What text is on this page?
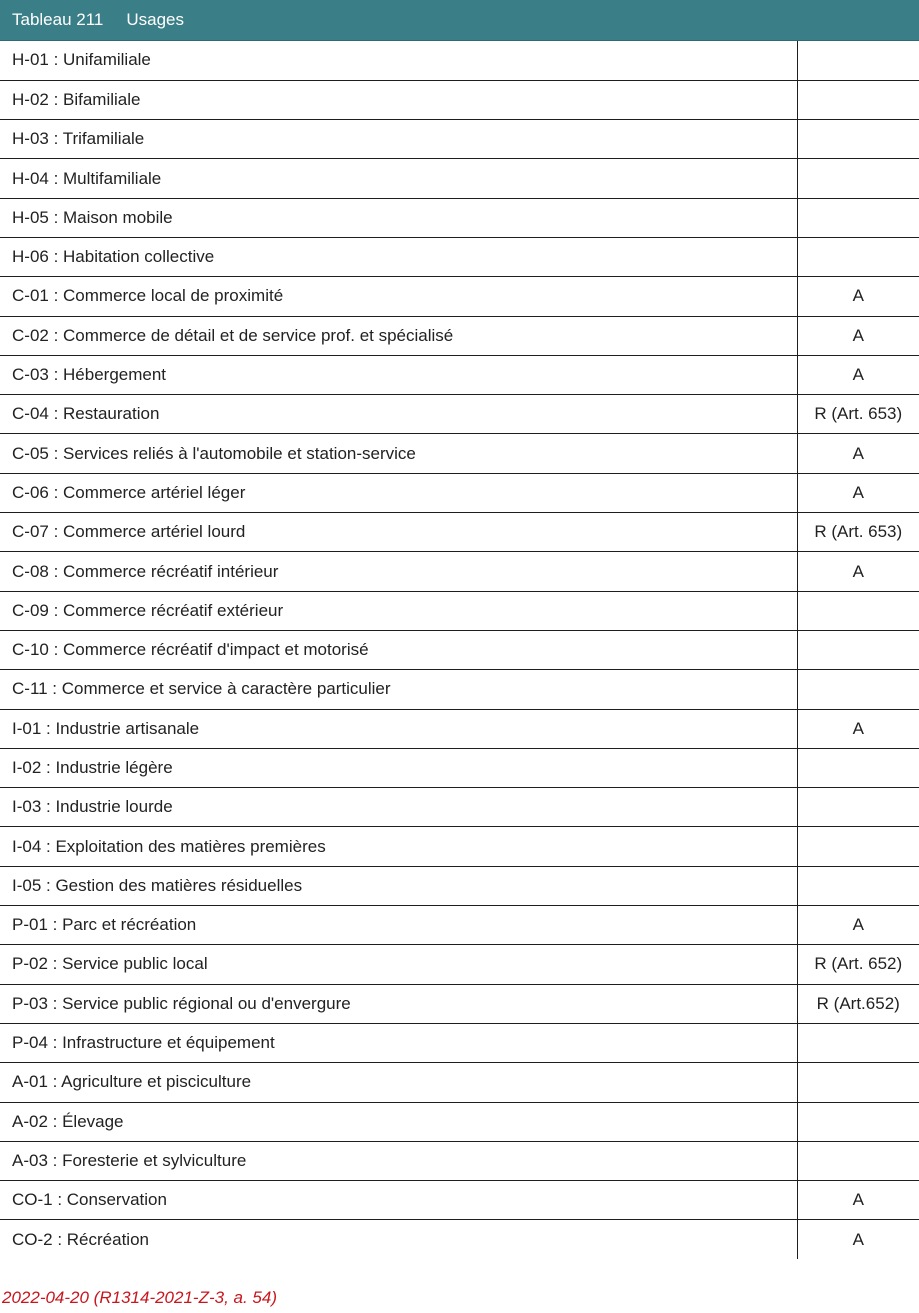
Tableau 211 Usages
H-01 : Unifamiliale	
H-02 : Bifamiliale	
H-03 : Trifamiliale	
H-04 : Multifamiliale	
H-05 : Maison mobile	
H-06 : Habitation collective	
C-01 : Commerce local de proximité	A
C-02 : Commerce de détail et de service prof. et spécialisé	A
C-03 : Hébergement	A
C-04 : Restauration	R (Art. 653)
C-05 : Services reliés à l'automobile et station-service	A
C-06 : Commerce artériel léger	A
C-07 : Commerce artériel lourd	R (Art. 653)
C-08 : Commerce récréatif intérieur	A
C-09 : Commerce récréatif extérieur	
C-10 : Commerce récréatif d'impact et motorisé	
C-11 : Commerce et service à caractère particulier	
I-01 : Industrie artisanale	A
I-02 : Industrie légère	
I-03 : Industrie lourde	
I-04 : Exploitation des matières premières	
I-05 : Gestion des matières résiduelles	
P-01 : Parc et récréation	A
P-02 : Service public local	R (Art. 652)
P-03 : Service public régional ou d'envergure	R (Art.652)
P-04 : Infrastructure et équipement	
A-01 : Agriculture et pisciculture	
A-02 : Élevage	
A-03 : Foresterie et sylviculture	
CO-1 : Conservation	A
CO-2 : Récréation	A
2022-04-20 (R1314-2021-Z-3, a. 54)
